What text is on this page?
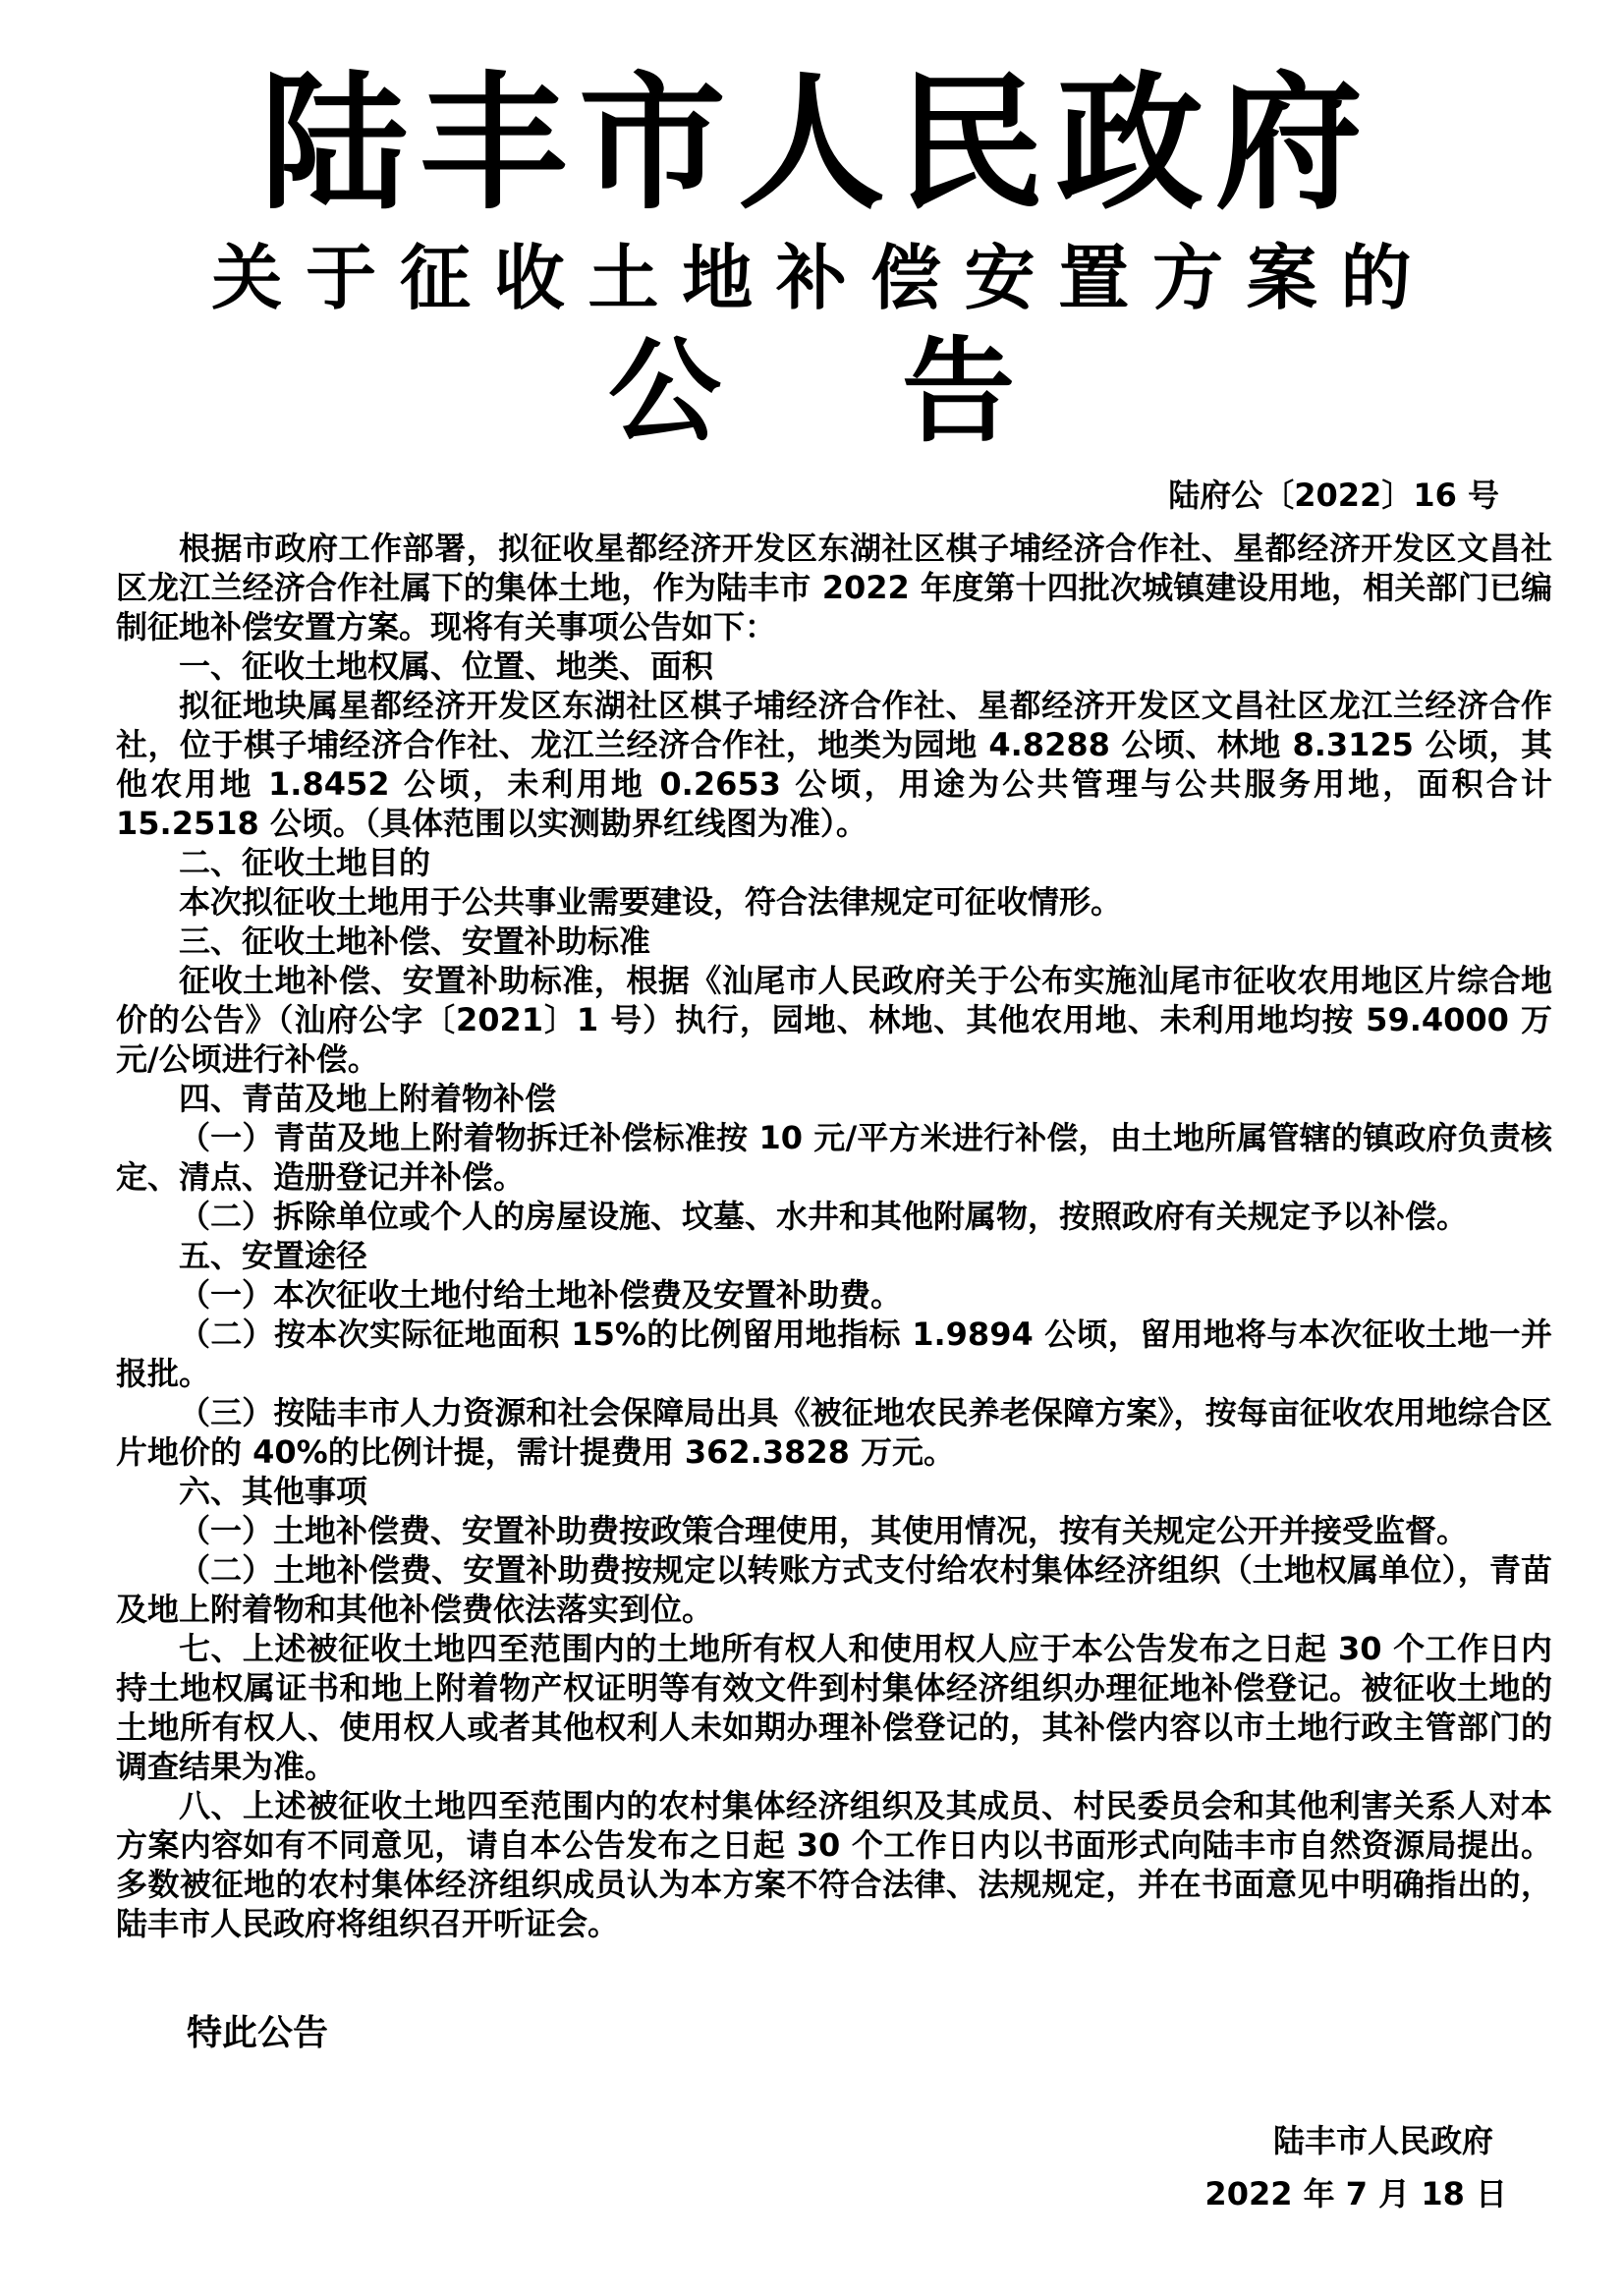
陆丰市人民政府
关于征收土地补偿安置方案的
公告
陆府公〔2022〕16 号

根据市政府工作部署，拟征收星都经济开发区东湖社区棋子埔经济合作社、星都经济开发区文昌社区龙江兰经济合作社属下的集体土地，作为陆丰市 2022 年度第十四批次城镇建设用地，相关部门已编制征地补偿安置方案。现将有关事项公告如下：

一、征收土地权属、位置、地类、面积

拟征地块属星都经济开发区东湖社区棋子埔经济合作社、星都经济开发区文昌社区龙江兰经济合作社，位于棋子埔经济合作社、龙江兰经济合作社，地类为园地 4.8288 公顷、林地 8.3125 公顷，其他农用地 1.8452 公顷，未利用地 0.2653 公顷，用途为公共管理与公共服务用地，面积合计 15.2518 公顷。（具体范围以实测勘界红线图为准）。

二、征收土地目的

本次拟征收土地用于公共事业需要建设，符合法律规定可征收情形。

三、征收土地补偿、安置补助标准

征收土地补偿、安置补助标准，根据《汕尾市人民政府关于公布实施汕尾市征收农用地区片综合地价的公告》（汕府公字〔2021〕1 号）执行，园地、林地、其他农用地、未利用地均按 59.4000 万元/公顷进行补偿。

四、青苗及地上附着物补偿

（一）青苗及地上附着物拆迁补偿标准按 10 元/平方米进行补偿，由土地所属管辖的镇政府负责核定、清点、造册登记并补偿。

（二）拆除单位或个人的房屋设施、坟墓、水井和其他附属物，按照政府有关规定予以补偿。

五、安置途径

（一）本次征收土地付给土地补偿费及安置补助费。

（二）按本次实际征地面积 15%的比例留用地指标 1.9894 公顷，留用地将与本次征收土地一并报批。

（三）按陆丰市人力资源和社会保障局出具《被征地农民养老保障方案》，按每亩征收农用地综合区片地价的 40%的比例计提，需计提费用 362.3828 万元。

六、其他事项

（一）土地补偿费、安置补助费按政策合理使用，其使用情况，按有关规定公开并接受监督。

（二）土地补偿费、安置补助费按规定以转账方式支付给农村集体经济组织（土地权属单位），青苗及地上附着物和其他补偿费依法落实到位。

七、上述被征收土地四至范围内的土地所有权人和使用权人应于本公告发布之日起 30 个工作日内持土地权属证书和地上附着物产权证明等有效文件到村集体经济组织办理征地补偿登记。被征收土地的土地所有权人、使用权人或者其他权利人未如期办理补偿登记的，其补偿内容以市土地行政主管部门的调查结果为准。

八、上述被征收土地四至范围内的农村集体经济组织及其成员、村民委员会和其他利害关系人对本方案内容如有不同意见，请自本公告发布之日起 30 个工作日内以书面形式向陆丰市自然资源局提出。多数被征地的农村集体经济组织成员认为本方案不符合法律、法规规定，并在书面意见中明确指出的，陆丰市人民政府将组织召开听证会。

特此公告

陆丰市人民政府
2022 年 7 月 18 日
